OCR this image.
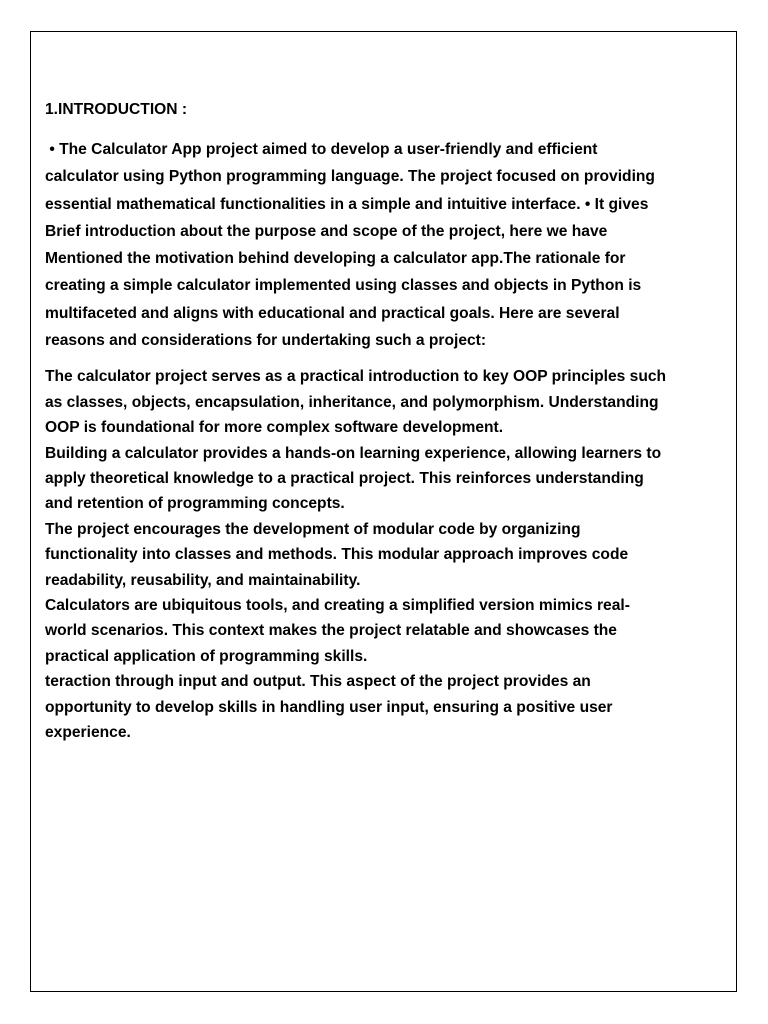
1.INTRODUCTION :
• The Calculator App project aimed to develop a user-friendly and efficient
calculator using Python programming language. The project focused on providing
essential mathematical functionalities in a simple and intuitive interface. • It gives
Brief introduction about the purpose and scope of the project, here we have
Mentioned the motivation behind developing a calculator app.The rationale for
creating a simple calculator implemented using classes and objects in Python is
multifaceted and aligns with educational and practical goals. Here are several
reasons and considerations for undertaking such a project:
The calculator project serves as a practical introduction to key OOP principles such
as classes, objects, encapsulation, inheritance, and polymorphism. Understanding
OOP is foundational for more complex software development.
Building a calculator provides a hands-on learning experience, allowing learners to
apply theoretical knowledge to a practical project. This reinforces understanding
and retention of programming concepts.
The project encourages the development of modular code by organizing
functionality into classes and methods. This modular approach improves code
readability, reusability, and maintainability.
Calculators are ubiquitous tools, and creating a simplified version mimics real-
world scenarios. This context makes the project relatable and showcases the
practical application of programming skills.
teraction through input and output. This aspect of the project provides an
opportunity to develop skills in handling user input, ensuring a positive user
experience.
